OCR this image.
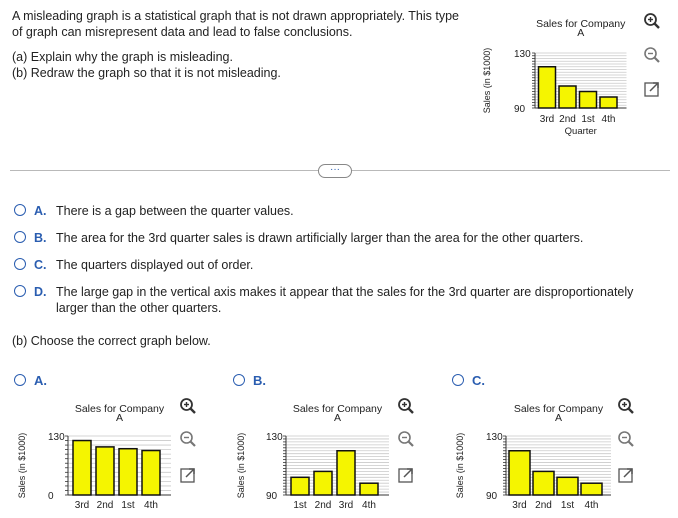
A misleading graph is a statistical graph that is not drawn appropriately. This type of graph can misrepresent data and lead to false conclusions.

(a) Explain why the graph is misleading.
(b) Redraw the graph so that it is not misleading.
Sales for Company
A
130
90
Sales (in $1000)
3rd 2nd 1st 4th
Quarter
···
A. There is a gap between the quarter values.
B. The area for the 3rd quarter sales is drawn artificially larger than the area for the other quarters.
C. The quarters displayed out of order.
D. The large gap in the vertical axis makes it appear that the sales for the 3rd quarter are disproportionately larger than the other quarters.
(b) Choose the correct graph below.
A.
Sales for Company
A
130
0
Sales (in $1000)
3rd 2nd 1st 4th
B.
Sales for Company
A
130
90
Sales (in $1000)
1st 2nd 3rd 4th
C.
Sales for Company
A
130
90
Sales (in $1000)
3rd 2nd 1st 4th
